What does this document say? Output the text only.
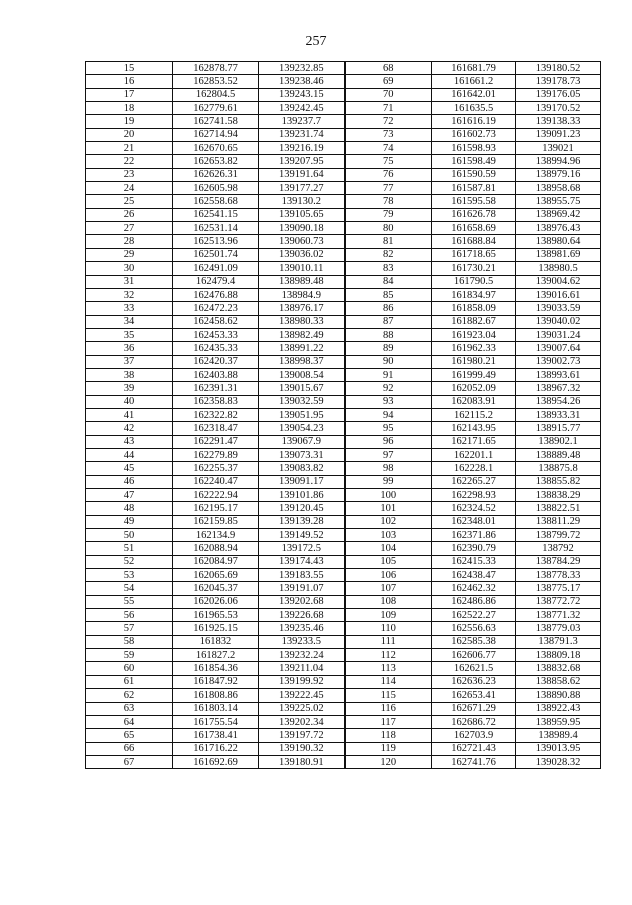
257
15	162878.77	139232.85	68	161681.79	139180.52
16	162853.52	139238.46	69	161661.2	139178.73
17	162804.5	139243.15	70	161642.01	139176.05
18	162779.61	139242.45	71	161635.5	139170.52
19	162741.58	139237.7	72	161616.19	139138.33
20	162714.94	139231.74	73	161602.73	139091.23
21	162670.65	139216.19	74	161598.93	139021
22	162653.82	139207.95	75	161598.49	138994.96
23	162626.31	139191.64	76	161590.59	138979.16
24	162605.98	139177.27	77	161587.81	138958.68
25	162558.68	139130.2	78	161595.58	138955.75
26	162541.15	139105.65	79	161626.78	138969.42
27	162531.14	139090.18	80	161658.69	138976.43
28	162513.96	139060.73	81	161688.84	138980.64
29	162501.74	139036.02	82	161718.65	138981.69
30	162491.09	139010.11	83	161730.21	138980.5
31	162479.4	138989.48	84	161790.5	139004.62
32	162476.88	138984.9	85	161834.97	139016.61
33	162472.23	138976.17	86	161858.09	139033.59
34	162458.62	138980.33	87	161882.67	139040.02
35	162453.33	138982.49	88	161923.04	139031.24
36	162435.33	138991.22	89	161962.33	139007.64
37	162420.37	138998.37	90	161980.21	139002.73
38	162403.88	139008.54	91	161999.49	138993.61
39	162391.31	139015.67	92	162052.09	138967.32
40	162358.83	139032.59	93	162083.91	138954.26
41	162322.82	139051.95	94	162115.2	138933.31
42	162318.47	139054.23	95	162143.95	138915.77
43	162291.47	139067.9	96	162171.65	138902.1
44	162279.89	139073.31	97	162201.1	138889.48
45	162255.37	139083.82	98	162228.1	138875.8
46	162240.47	139091.17	99	162265.27	138855.82
47	162222.94	139101.86	100	162298.93	138838.29
48	162195.17	139120.45	101	162324.52	138822.51
49	162159.85	139139.28	102	162348.01	138811.29
50	162134.9	139149.52	103	162371.86	138799.72
51	162088.94	139172.5	104	162390.79	138792
52	162084.97	139174.43	105	162415.33	138784.29
53	162065.69	139183.55	106	162438.47	138778.33
54	162045.37	139191.07	107	162462.32	138775.17
55	162026.06	139202.68	108	162486.86	138772.72
56	161965.53	139226.68	109	162522.27	138771.32
57	161925.15	139235.46	110	162556.63	138779.03
58	161832	139233.5	111	162585.38	138791.3
59	161827.2	139232.24	112	162606.77	138809.18
60	161854.36	139211.04	113	162621.5	138832.68
61	161847.92	139199.92	114	162636.23	138858.62
62	161808.86	139222.45	115	162653.41	138890.88
63	161803.14	139225.02	116	162671.29	138922.43
64	161755.54	139202.34	117	162686.72	138959.95
65	161738.41	139197.72	118	162703.9	138989.4
66	161716.22	139190.32	119	162721.43	139013.95
67	161692.69	139180.91	120	162741.76	139028.32
